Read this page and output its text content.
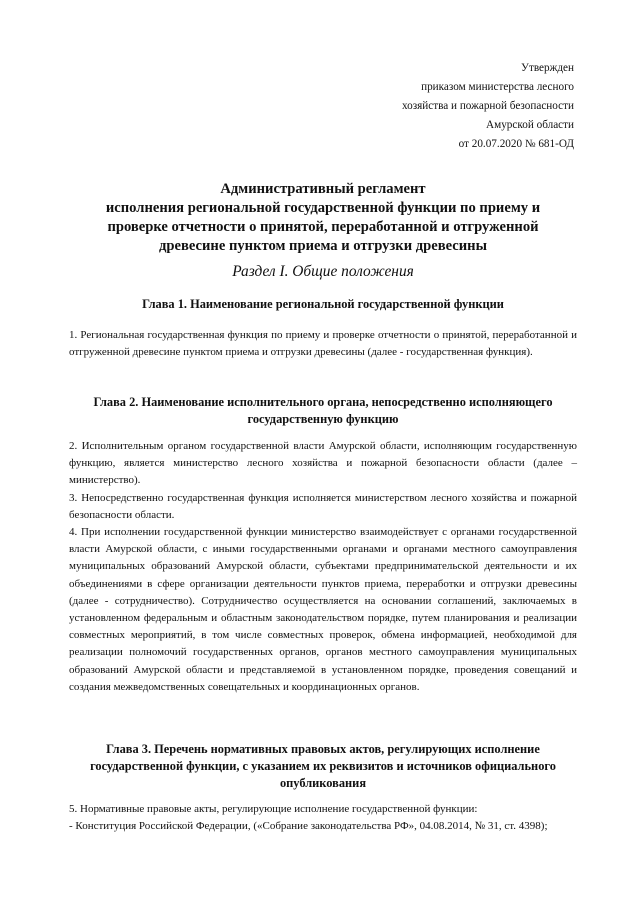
Утвержден
приказом министерства лесного
хозяйства и пожарной безопасности
Амурской области
от 20.07.2020 № 681-ОД
Административный регламент
исполнения региональной государственной функции по приему и
проверке отчетности о принятой, переработанной и отгруженной
древесине пунктом приема и отгрузки древесины
Раздел I. Общие положения
Глава 1. Наименование региональной государственной функции

1. Региональная государственная функция по приему и проверке отчетности о принятой, переработанной и отгруженной древесине пунктом приема и отгрузки древесины (далее - государственная функция).

Глава 2. Наименование исполнительного органа, непосредственно исполняющего
государственную функцию

2. Исполнительным органом государственной власти Амурской области, исполняющим государственную функцию, является министерство лесного хозяйства и пожарной безопасности области (далее – министерство).

3. Непосредственно государственная функция исполняется министерством лесного хозяйства и пожарной безопасности области.

4. При исполнении государственной функции министерство взаимодействует с органами государственной власти Амурской области, с иными государственными органами и органами местного самоуправления муниципальных образований Амурской области, субъектами предпринимательской деятельности и их объединениями в сфере организации деятельности пунктов приема, переработки и отгрузки древесины (далее - сотрудничество). Сотрудничество осуществляется на основании соглашений, заключаемых в установленном федеральным и областным законодательством порядке, путем планирования и реализации совместных мероприятий, в том числе совместных проверок, обмена информацией, необходимой для реализации полномочий государственных органов, органов местного самоуправления муниципальных образований Амурской области и представляемой в установленном порядке, проведения совещаний и создания межведомственных совещательных и координационных органов.

Глава 3. Перечень нормативных правовых актов, регулирующих исполнение
государственной функции, с указанием их реквизитов и источников официального
опубликования

5. Нормативные правовые акты, регулирующие исполнение государственной функции:

- Конституция Российской Федерации, («Собрание законодательства РФ», 04.08.2014, № 31, ст. 4398);
